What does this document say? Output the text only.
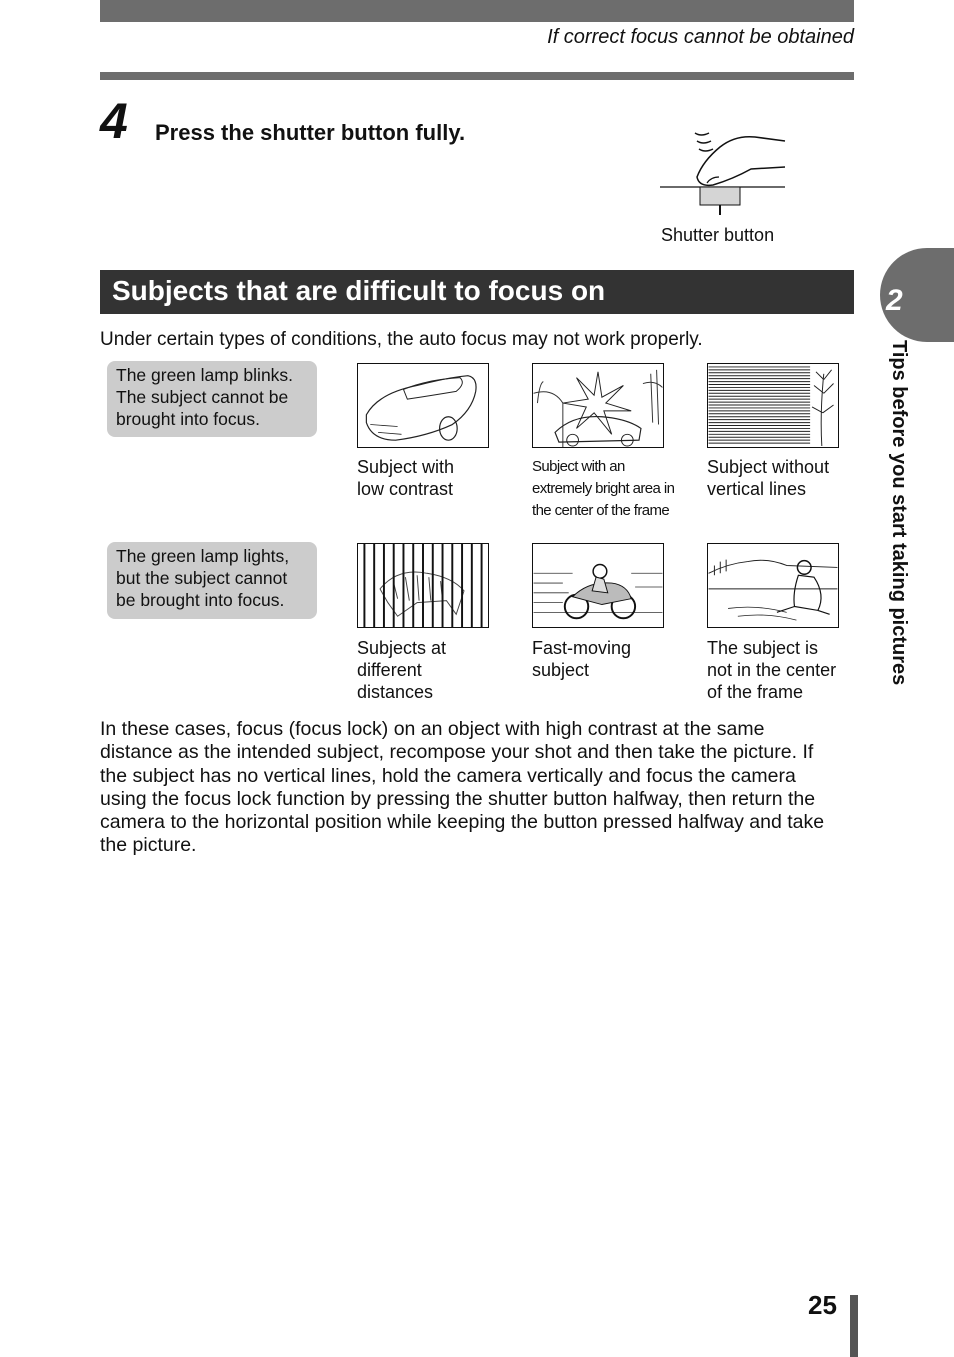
If correct focus cannot be obtained
4 Press the shutter button fully.
Shutter button
Subjects that are difficult to focus on
Under certain types of conditions, the auto focus may not work properly.
The green lamp blinks.
The subject cannot be
brought into focus.
The green lamp lights,
but the subject cannot
be brought into focus.
Subject with
low contrast
Subject with an
extremely bright area in
the center of the frame
Subject without
vertical lines
Subjects at
different
distances
Fast-moving
subject
The subject is
not in the center
of the frame
In these cases, focus (focus lock) on an object with high contrast at the same
distance as the intended subject, recompose your shot and then take the picture. If
the subject has no vertical lines, hold the camera vertically and focus the camera
using the focus lock function by pressing the shutter button halfway, then return the
camera to the horizontal position while keeping the button pressed halfway and take
the picture.
2
Tips before you start taking pictures
25
